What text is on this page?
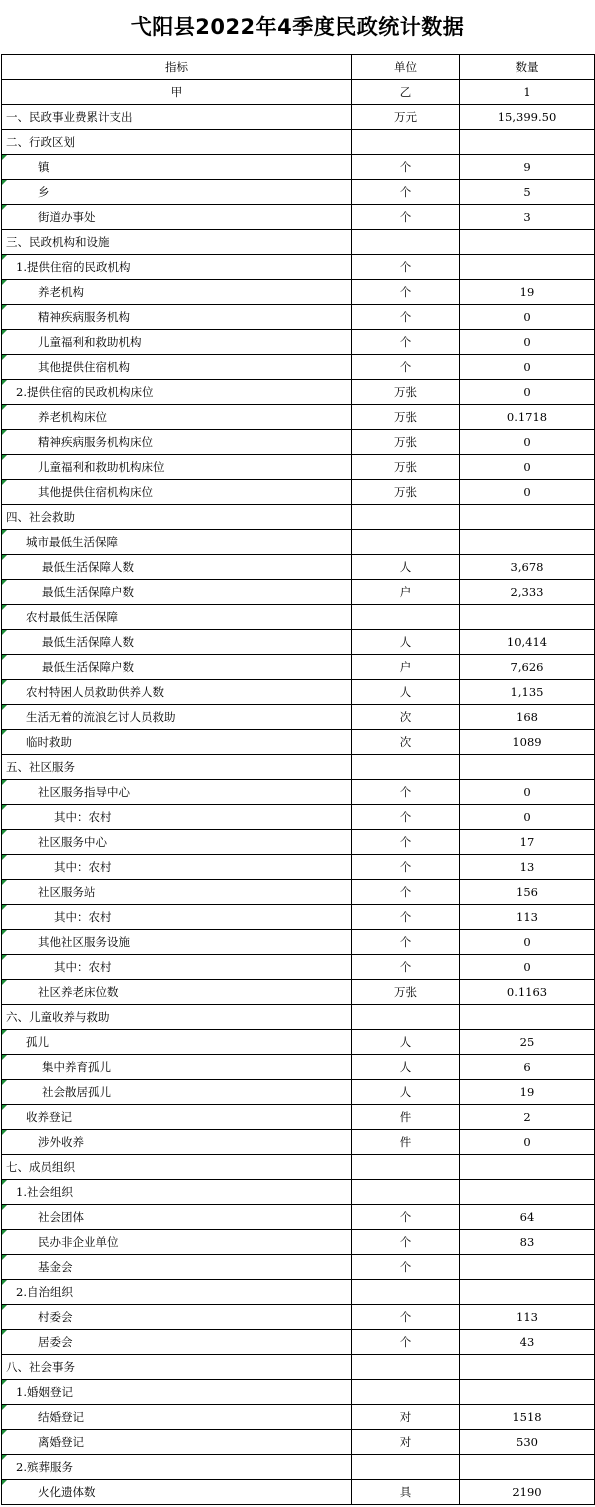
弋阳县2022年4季度民政统计数据
指标	单位	数量
甲	乙	1
一、民政事业费累计支出	万元	15,399.50
二、行政区划		
镇	个	9
乡	个	5
街道办事处	个	3
三、民政机构和设施		
1.提供住宿的民政机构	个	
养老机构	个	19
精神疾病服务机构	个	0
儿童福利和救助机构	个	0
其他提供住宿机构	个	0
2.提供住宿的民政机构床位	万张	0
养老机构床位	万张	0.1718
精神疾病服务机构床位	万张	0
儿童福利和救助机构床位	万张	0
其他提供住宿机构床位	万张	0
四、社会救助		
城市最低生活保障

最低生活保障人数	人	3,678
最低生活保障户数	户	2,333
农村最低生活保障

最低生活保障人数	人	10,414
最低生活保障户数	户	7,626
农村特困人员救助供养人数	人	1,135
生活无着的流浪乞讨人员救助	次	168
临时救助	次	1089
五、社区服务		
社区服务指导中心	个	0
其中：农村	个	0
社区服务中心	个	17
其中：农村	个	13
社区服务站	个	156
其中：农村	个	113
其他社区服务设施	个	0
其中：农村	个	0
社区养老床位数	万张	0.1163
六、儿童收养与救助		
孤儿	人	25
集中养育孤儿	人	6
社会散居孤儿	人	19
收养登记	件	2
涉外收养	件	0
七、成员组织		
1.社会组织

社会团体	个	64
民办非企业单位	个	83
基金会	个	
2.自治组织

村委会	个	113
居委会	个	43
八、社会事务		
1.婚姻登记

结婚登记	对	1518
离婚登记	对	530
2.殡葬服务

火化遗体数	具	2190
